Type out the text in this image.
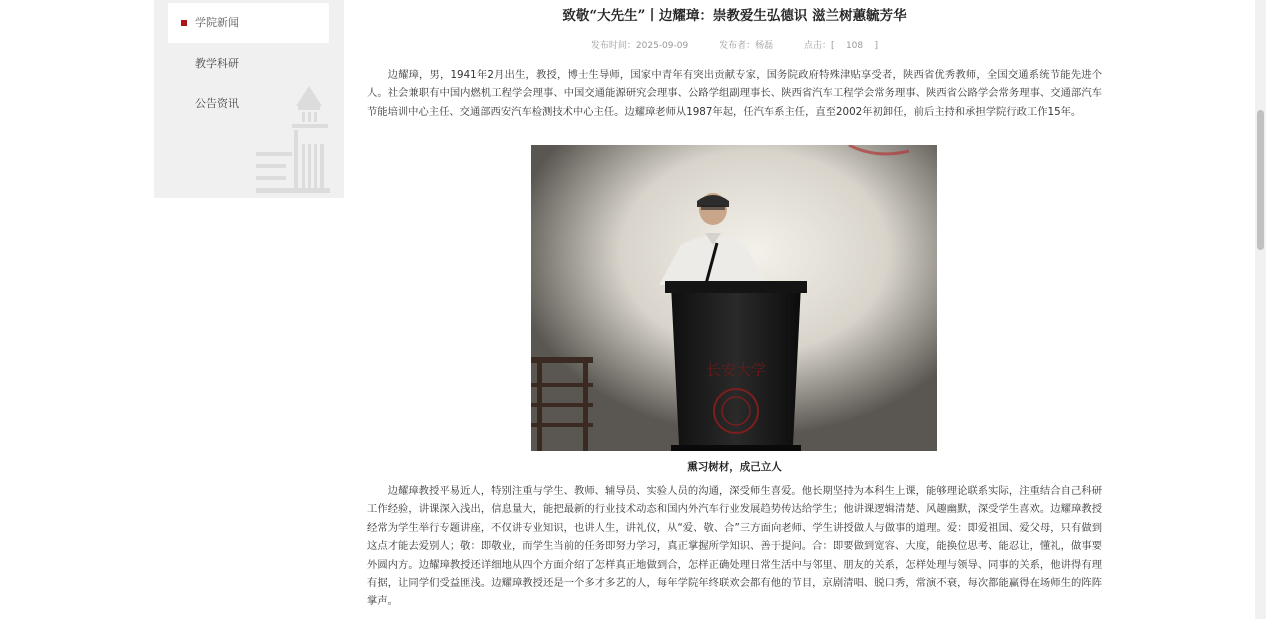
学院新闻
教学科研
公告资讯
致敬“大先生”丨边耀璋：崇教爱生弘德识 滋兰树蕙毓芳华
发布时间：2025-09-09	发布者：杨磊	点击：[    108    ]

边耀璋，男，1941年2月出生，教授，博士生导师，国家中青年有突出贡献专家，国务院政府特殊津贴享受者，陕西省优秀教师，全国交通系统节能先进个人。社会兼职有中国内燃机工程学会理事、中国交通能源研究会理事、公路学组副理事长、陕西省汽车工程学会常务理事、陕西省公路学会常务理事、交通部汽车节能培训中心主任、交通部西安汽车检测技术中心主任。边耀璋老师从1987年起，任汽车系主任，直至2002年初卸任，前后主持和承担学院行政工作15年。

长安大学
熏习树材，成己立人

边耀璋教授平易近人，特别注重与学生、教师、辅导员、实验人员的沟通，深受师生喜爱。他长期坚持为本科生上课，能够理论联系实际，注重结合自己科研工作经验，讲课深入浅出，信息量大，能把最新的行业技术动态和国内外汽车行业发展趋势传达给学生；他讲课逻辑清楚、风趣幽默，深受学生喜欢。边耀璋教授经常为学生举行专题讲座，不仅讲专业知识，也讲人生，讲礼仪，从“爱、敬、合”三方面向老师、学生讲授做人与做事的道理。爱：即爱祖国、爱父母，只有做到这点才能去爱别人；敬：即敬业，而学生当前的任务即努力学习，真正掌握所学知识、善于提问。合：即要做到宽容、大度，能换位思考、能忍让，懂礼，做事要外圆内方。边耀璋教授还详细地从四个方面介绍了怎样真正地做到合，怎样正确处理日常生活中与邻里、朋友的关系，怎样处理与领导、同事的关系，他讲得有理有据，让同学们受益匪浅。边耀璋教授还是一个多才多艺的人，每年学院年终联欢会都有他的节目，京剧清唱、脱口秀，常演不衰，每次都能赢得在场师生的阵阵掌声。
